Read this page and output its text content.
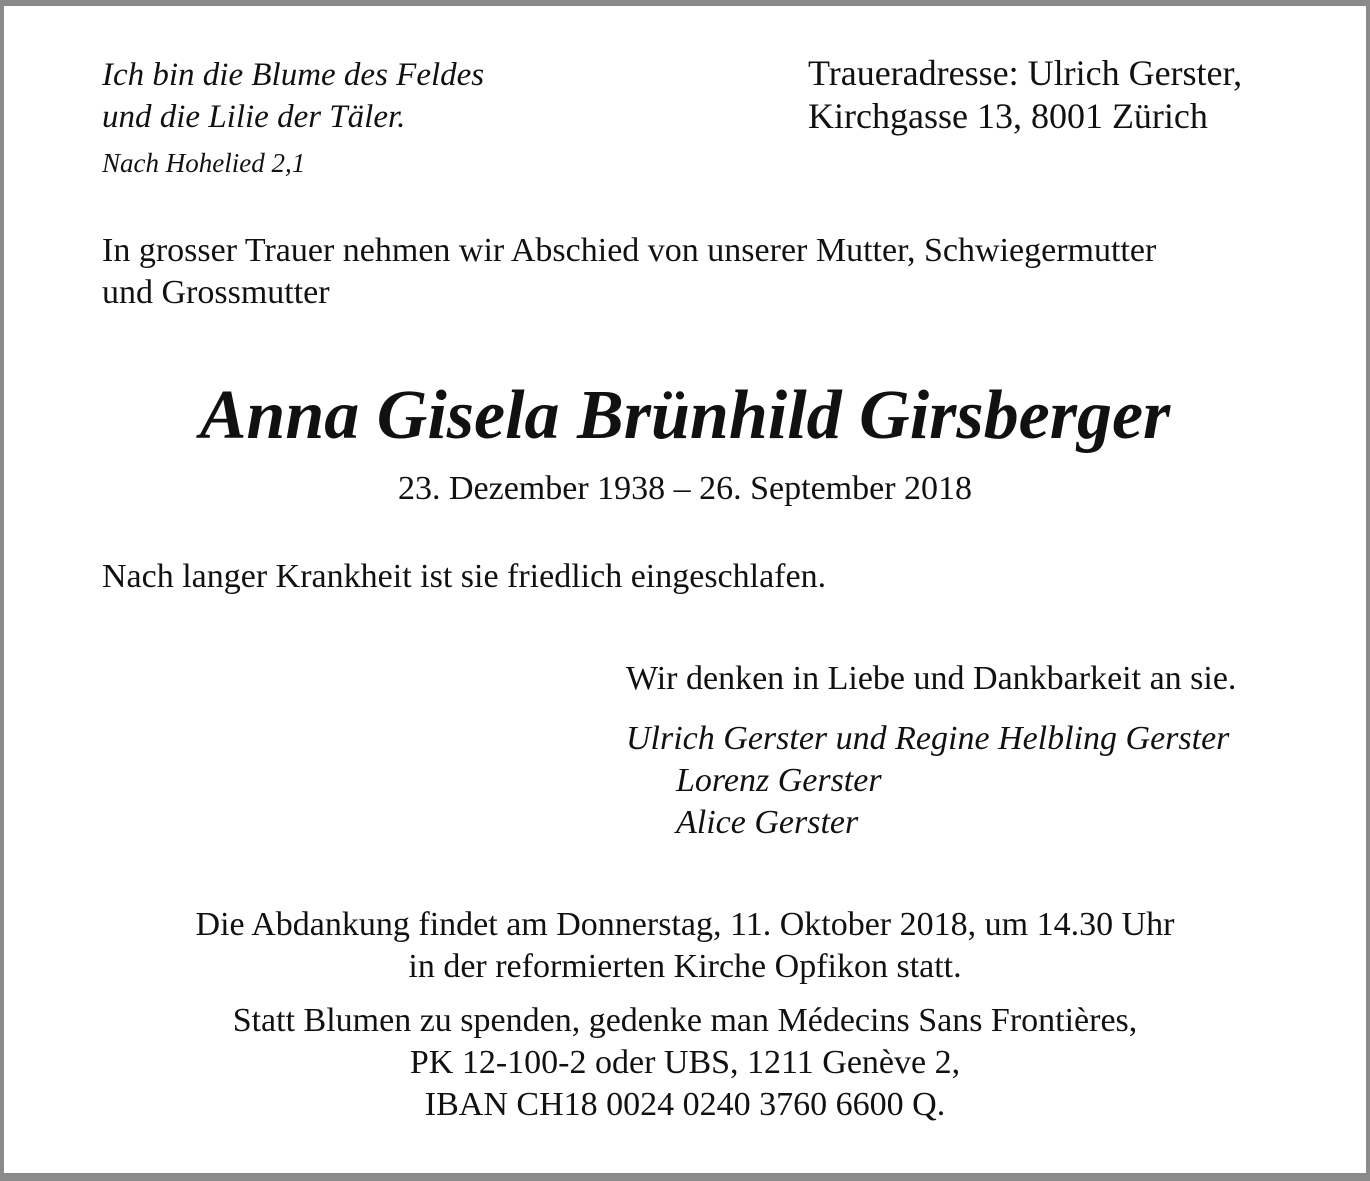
Ich bin die Blume des Feldes
und die Lilie der Täler.
Nach Hohelied 2,1
Traueradresse: Ulrich Gerster,
Kirchgasse 13, 8001 Zürich
In grosser Trauer nehmen wir Abschied von unserer Mutter, Schwiegermutter
und Grossmutter
Anna Gisela Brünhild Girsberger
23. Dezember 1938 – 26. September 2018
Nach langer Krankheit ist sie friedlich eingeschlafen.
Wir denken in Liebe und Dankbarkeit an sie.
Ulrich Gerster und Regine Helbling Gerster
Lorenz Gerster
Alice Gerster
Die Abdankung findet am Donnerstag, 11. Oktober 2018, um 14.30 Uhr
in der reformierten Kirche Opfikon statt.
Statt Blumen zu spenden, gedenke man Médecins Sans Frontières,
PK 12-100-2 oder UBS, 1211 Genève 2,
IBAN CH18 0024 0240 3760 6600 Q.
